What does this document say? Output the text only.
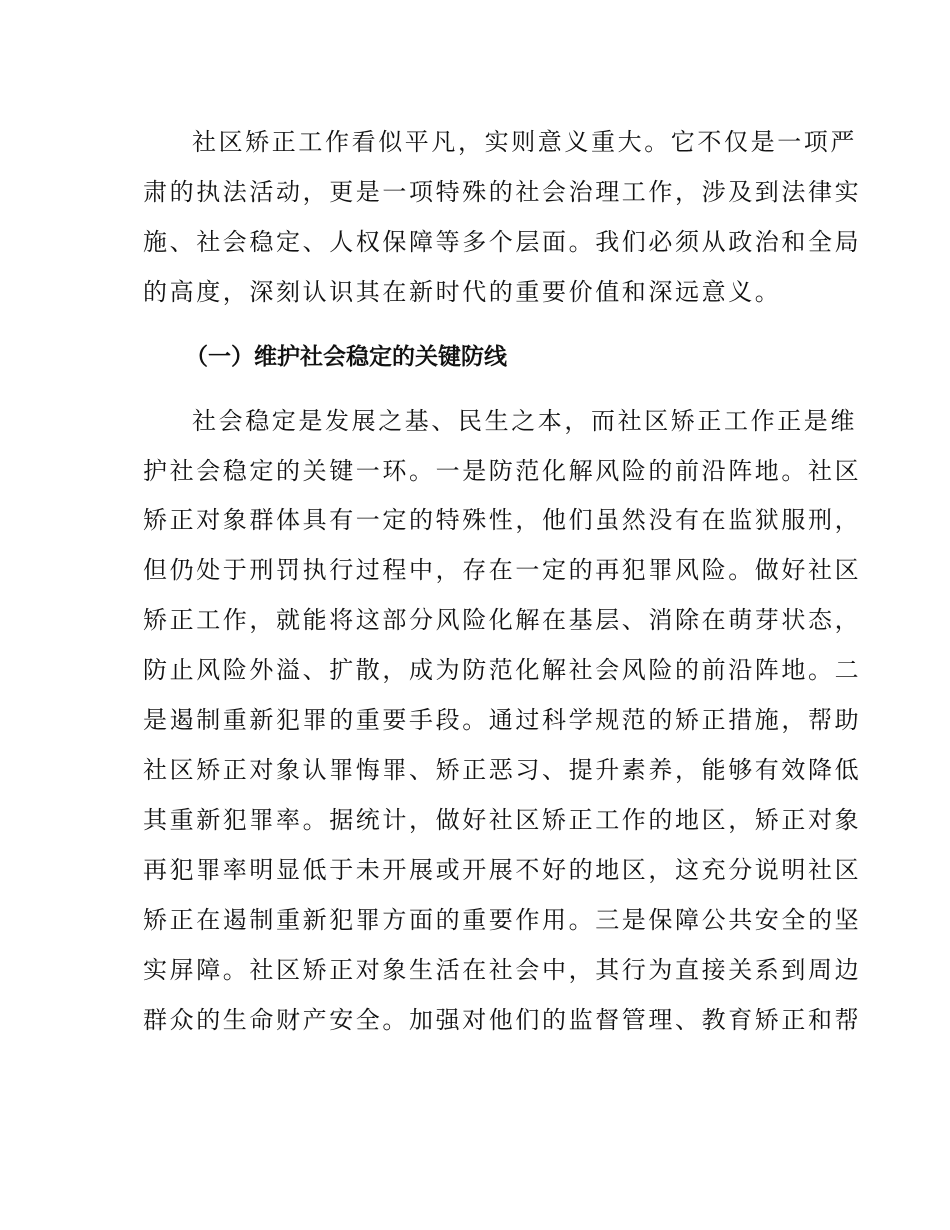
社区矫正工作看似平凡，实则意义重大。它不仅是一项严
肃的执法活动，更是一项特殊的社会治理工作，涉及到法律实
施、社会稳定、人权保障等多个层面。我们必须从政治和全局
的高度，深刻认识其在新时代的重要价值和深远意义。
（一）维护社会稳定的关键防线
社会稳定是发展之基、民生之本，而社区矫正工作正是维
护社会稳定的关键一环。一是防范化解风险的前沿阵地。社区
矫正对象群体具有一定的特殊性，他们虽然没有在监狱服刑，
但仍处于刑罚执行过程中，存在一定的再犯罪风险。做好社区
矫正工作，就能将这部分风险化解在基层、消除在萌芽状态，
防止风险外溢、扩散，成为防范化解社会风险的前沿阵地。二
是遏制重新犯罪的重要手段。通过科学规范的矫正措施，帮助
社区矫正对象认罪悔罪、矫正恶习、提升素养，能够有效降低
其重新犯罪率。据统计，做好社区矫正工作的地区，矫正对象
再犯罪率明显低于未开展或开展不好的地区，这充分说明社区
矫正在遏制重新犯罪方面的重要作用。三是保障公共安全的坚
实屏障。社区矫正对象生活在社会中，其行为直接关系到周边
群众的生命财产安全。加强对他们的监督管理、教育矫正和帮
